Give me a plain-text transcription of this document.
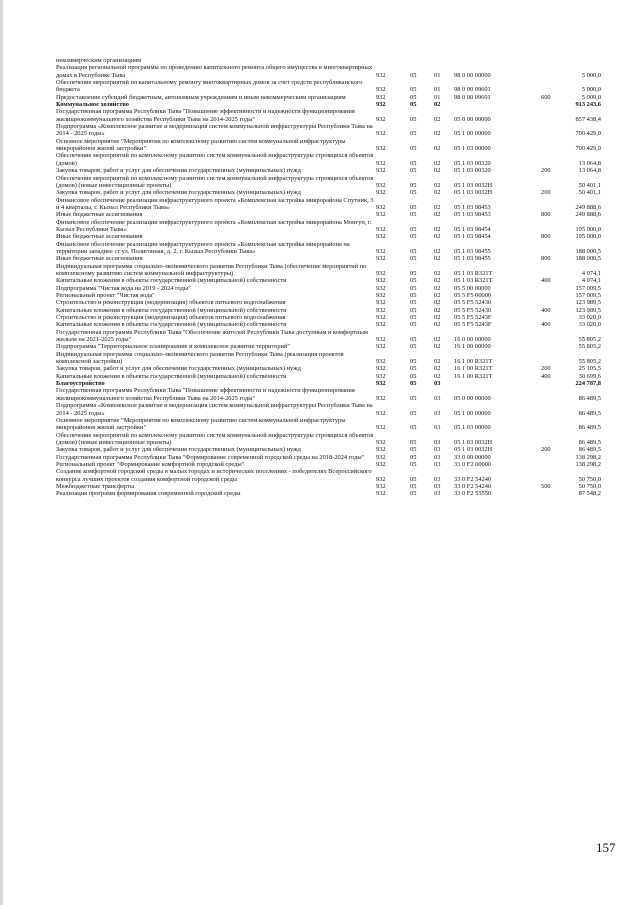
некоммерческим организациям
Реализация региональной программы по проведению капитального ремонта общего имущества в многоквартирных домах в Республике Тыва	932	05	01	98 0 00 00000	5 000,0
Обеспечение мероприятий по капитальному ремонту многоквартирных домов за счет средств республиканского бюджета	932	05	01	98 0 00 09601	5 000,0
Предоставление субсидий бюджетным, автономным учреждениям и иным некоммерческим организациям	932	05	01	98 0 00 09601	600	5 000,0
Коммунальное хозяйство	932	05	02	913 243,6
Государственная программа Республики Тыва "Повышение эффективности и надежности функционирования жилищнокоммунального хозяйства Республики Тыва на 2014-2025 годы"	932	05	02	05 0 00 00000	857 438,4
Подпрограмма «Комплексное развитие и модернизация систем коммунальной инфраструктуры Республики Тыва на 2014 - 2025 годы»	932	05	02	05 1 00 00000	700 429,0
Основное мероприятие "Мероприятия по комплексному развитию систем коммунальной инфраструктуры микрорайонов жилой застройки"	932	05	02	05 1 03 00000	700 429,0
Обеспечение мероприятий по комплексному развитию систем коммунальной инфраструктуры строящихся объектов (домов)	932	05	02	05 1 03 00320	13 064,8
Закупка товаров, работ и услуг для обеспечения государственных (муниципальных) нужд	932	05	02	05 1 03 00320	200	13 064,8
Обеспечение мероприятий по комплексному развитию систем коммунальной инфраструктуры строящихся объектов (домов) (новые инвестиционные проекты)	932	05	02	05 1 03 0032Н	50 401,1
Закупка товаров, работ и услуг для обеспечения государственных (муниципальных) нужд	932	05	02	05 1 03 0032Н	200	50 401,1
Финансовое обеспечение реализации инфраструктурного проекта «Комплексная застройка микрорайона Спутник, 3 и 4 кварталы, г. Кызыл Республики Тыва»	932	05	02	05 1 03 98453	249 888,6
Иные бюджетные ассигнования	932	05	02	05 1 03 98453	800	249 888,6
Финансовое обеспечение реализации инфраструктурного проекта «Комплексная застройка микрорайона Монгун, г. Кызыл Республики Тыва»	932	05	02	05 1 03 98454	195 000,0
Иные бюджетные ассигнования	932	05	02	05 1 03 98454	800	195 000,0
Финансовое обеспечение реализации инфраструктурного проекта «Комплексная застройка микрорайона на территории западнее ст ул. Полигонная, д. 2, г. Кызыл Республики Тыва»	932	05	02	05 1 03 98455	188 000,5
Иные бюджетные ассигнования	932	05	02	05 1 03 98455	800	188 000,5
Индивидуальная программа социально-экономического развития Республики Тыва (обеспечение мероприятий по комплексному развитию систем коммунальной инфраструктуры)	932	05	02	05 1 03 R321Т	4 074,1
Капитальные вложения в объекты государственной (муниципальной) собственности	932	05	02	05 1 03 R321Т	400	4 074,1
Подпрограмма "Чистая вода на 2019 - 2024 годы"	932	05	02	05 5 00 00000	157 009,5
Региональный проект "Чистая вода"	932	05	02	05 5 F5 00000	157 009,5
Строительство и реконструкция (модернизация) объектов питьевого водоснабжения	932	05	02	05 5 F5 52430	123 989,5
Капитальные вложения в объекты государственной (муниципальной) собственности	932	05	02	05 5 F5 52430	400	123 989,5
Строительство и реконструкция (модернизация) объектов питьевого водоснабжения	932	05	02	05 5 F5 5243F	33 020,0
Капитальные вложения в объекты государственной (муниципальной) собственности	932	05	02	05 5 F5 5243F	400	33 020,0
Государственная программа Республики Тыва "Обеспечение жителей Республики Тыва доступным и комфортным жильем на 2021-2025 годы"	932	05	02	16 0 00 00000	55 805,2
Подпрограмма "Территориальное планирование и комплексное развитие территорий"	932	05	02	16 1 00 00000	55 805,2
Индивидуальная программа социально-экономического развития Республики Тыва (реализация проектов комплексной застройки)	932	05	02	16 1 00 R321Т	55 805,2
Закупка товаров, работ и услуг для обеспечения государственных (муниципальных) нужд	932	05	02	16 1 00 R321Т	200	25 105,5
Капитальные вложения в объекты государственной (муниципальной) собственности	932	05	02	16 1 00 R321Т	400	30 699,6
Благоустройство	932	05	03	224 787,8
Государственная программа Республики Тыва "Повышение эффективности и надежности функционирования жилищнокоммунального хозяйства Республики Тыва на 2014-2025 годы"	932	05	03	05 0 00 00000	86 489,5
Подпрограмма «Комплексное развитие и модернизация систем коммунальной инфраструктуры Республики Тыва на 2014 - 2025 годы»	932	05	03	05 1 00 00000	86 489,5
Основное мероприятие "Мероприятия по комплексному развитию систем коммунальной инфраструктуры микрорайонов жилой застройки"	932	05	03	05 1 03 00000	86 489,5
Обеспечение мероприятий по комплексному развитию систем коммунальной инфраструктуры строящихся объектов (домов) (новые инвестиционные проекты)	932	05	03	05 1 03 0032Н	86 489,5
Закупка товаров, работ и услуг для обеспечения государственных (муниципальных) нужд	932	05	03	05 1 03 0032Н	200	86 489,5
Государственная программа Республики Тыва "Формирование современной городской среды на 2018-2024 годы"	932	05	03	33 0 00 00000	138 298,2
Региональный проект "Формирование комфортной городской среды"	932	05	03	33 0 F2 00000	138 298,2
Создание комфортной городской среды в малых городах и исторических поселениях - победителях Всероссийского конкурса лучших проектов создания комфортной городской среды	932	05	03	33 0 F2 54240	50 750,0
Межбюджетные трансферты	932	05	03	33 0 F2 54240	500	50 750,0
Реализация программ формирования современной городской среды	932	05	03	33 0 F2 55550	87 548,2
157
